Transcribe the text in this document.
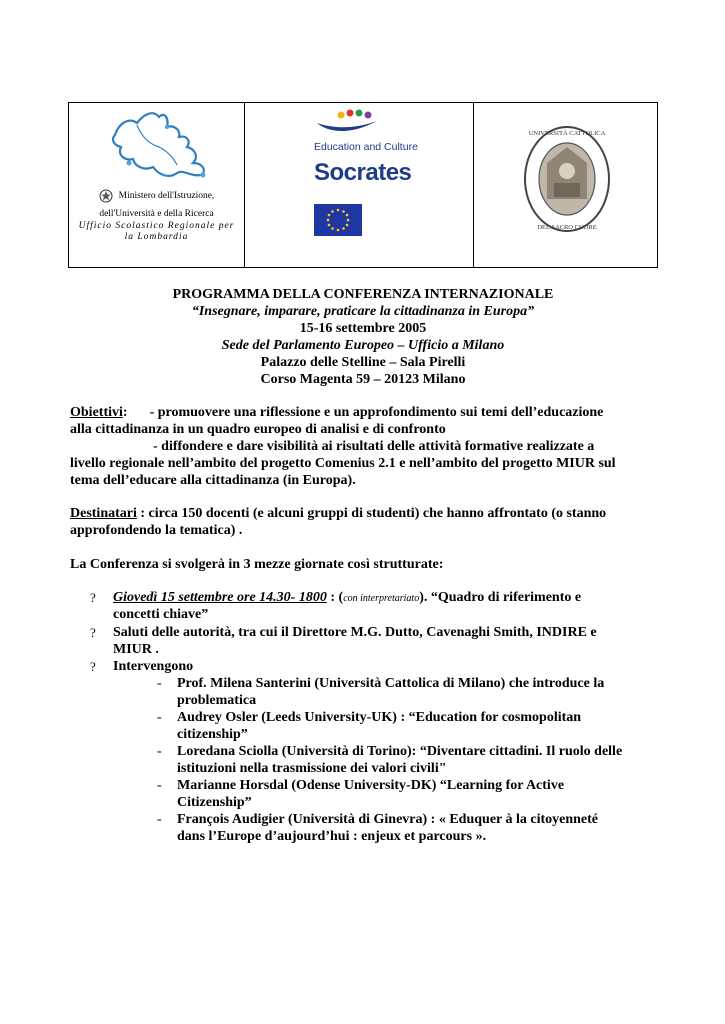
Ministero dell'Istruzione,
dell'Università e della Ricerca
Ufficio Scolastico Regionale per la Lombardia
Education and Culture
Socrates
UNIVERSITÀ CATTOLICA
DEL SACRO CUORE
PROGRAMMA DELLA CONFERENZA INTERNAZIONALE
“Insegnare, imparare, praticare la cittadinanza in Europa”
15-16 settembre 2005
Sede del Parlamento Europeo – Ufficio a Milano
Palazzo delle Stelline – Sala Pirelli
Corso Magenta 59 – 20123 Milano
Obiettivi: - promuovere una riflessione e un approfondimento sui temi dell’educazione
alla cittadinanza in un quadro europeo di analisi e di confronto
- diffondere e dare visibilità ai risultati delle attività formative realizzate a
livello regionale nell’ambito del progetto Comenius 2.1 e nell’ambito del progetto MIUR sul
tema dell’educare alla cittadinanza (in Europa).
Destinatari : circa 150 docenti (e alcuni gruppi di studenti) che hanno affrontato (o stanno
approfondendo la tematica) .
La Conferenza si svolgerà in 3 mezze giornate così strutturate:
? Giovedì 15 settembre ore 14.30- 1800 : (con interpretariato). “Quadro di riferimento e
concetti chiave”
? Saluti delle autorità, tra cui il Direttore M.G. Dutto, Cavenaghi Smith, INDIRE e
MIUR .
? Intervengono
- Prof. Milena Santerini (Università Cattolica di Milano) che introduce la
problematica
- Audrey Osler (Leeds University-UK) : “Education for cosmopolitan
citizenship”
- Loredana Sciolla (Università di Torino): “Diventare cittadini. Il ruolo delle
istituzioni nella trasmissione dei valori civili"
- Marianne Horsdal (Odense University-DK) “Learning for Active
Citizenship”
- François Audigier (Università di Ginevra) : « Eduquer à la citoyenneté
dans l’Europe d’aujourd’hui : enjeux et parcours ».
